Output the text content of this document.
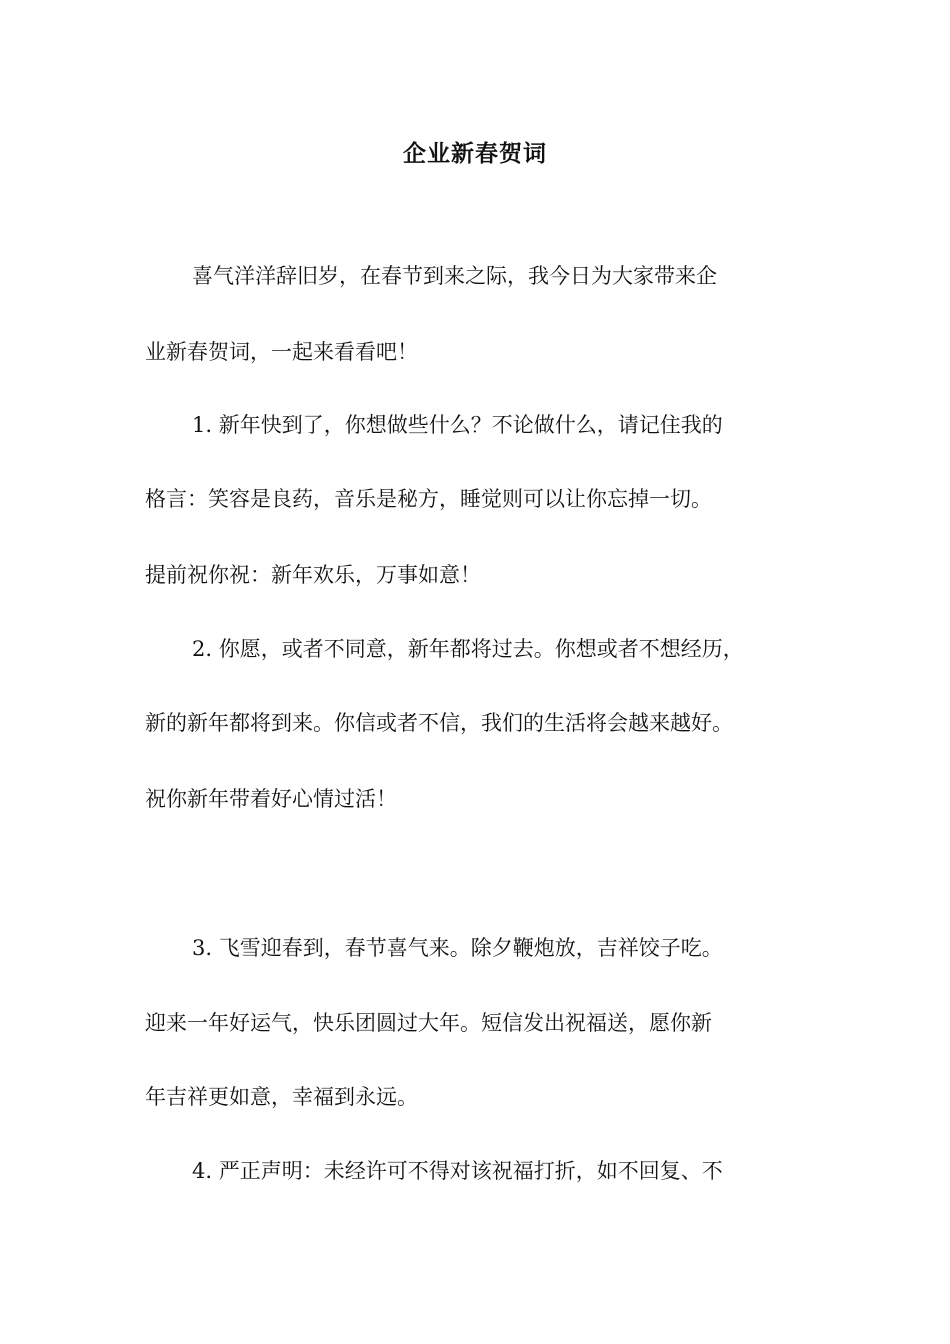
企业新春贺词
喜气洋洋辞旧岁，在春节到来之际，我今日为大家带来企
业新春贺词，一起来看看吧！
1. 新年快到了，你想做些什么？不论做什么，请记住我的
格言：笑容是良药，音乐是秘方，睡觉则可以让你忘掉一切。
提前祝你祝：新年欢乐，万事如意！
2. 你愿，或者不同意，新年都将过去。你想或者不想经历，
新的新年都将到来。你信或者不信，我们的生活将会越来越好。
祝你新年带着好心情过活！
3. 飞雪迎春到，春节喜气来。除夕鞭炮放，吉祥饺子吃。
迎来一年好运气，快乐团圆过大年。短信发出祝福送，愿你新
年吉祥更如意，幸福到永远。
4. 严正声明：未经许可不得对该祝福打折，如不回复、不
